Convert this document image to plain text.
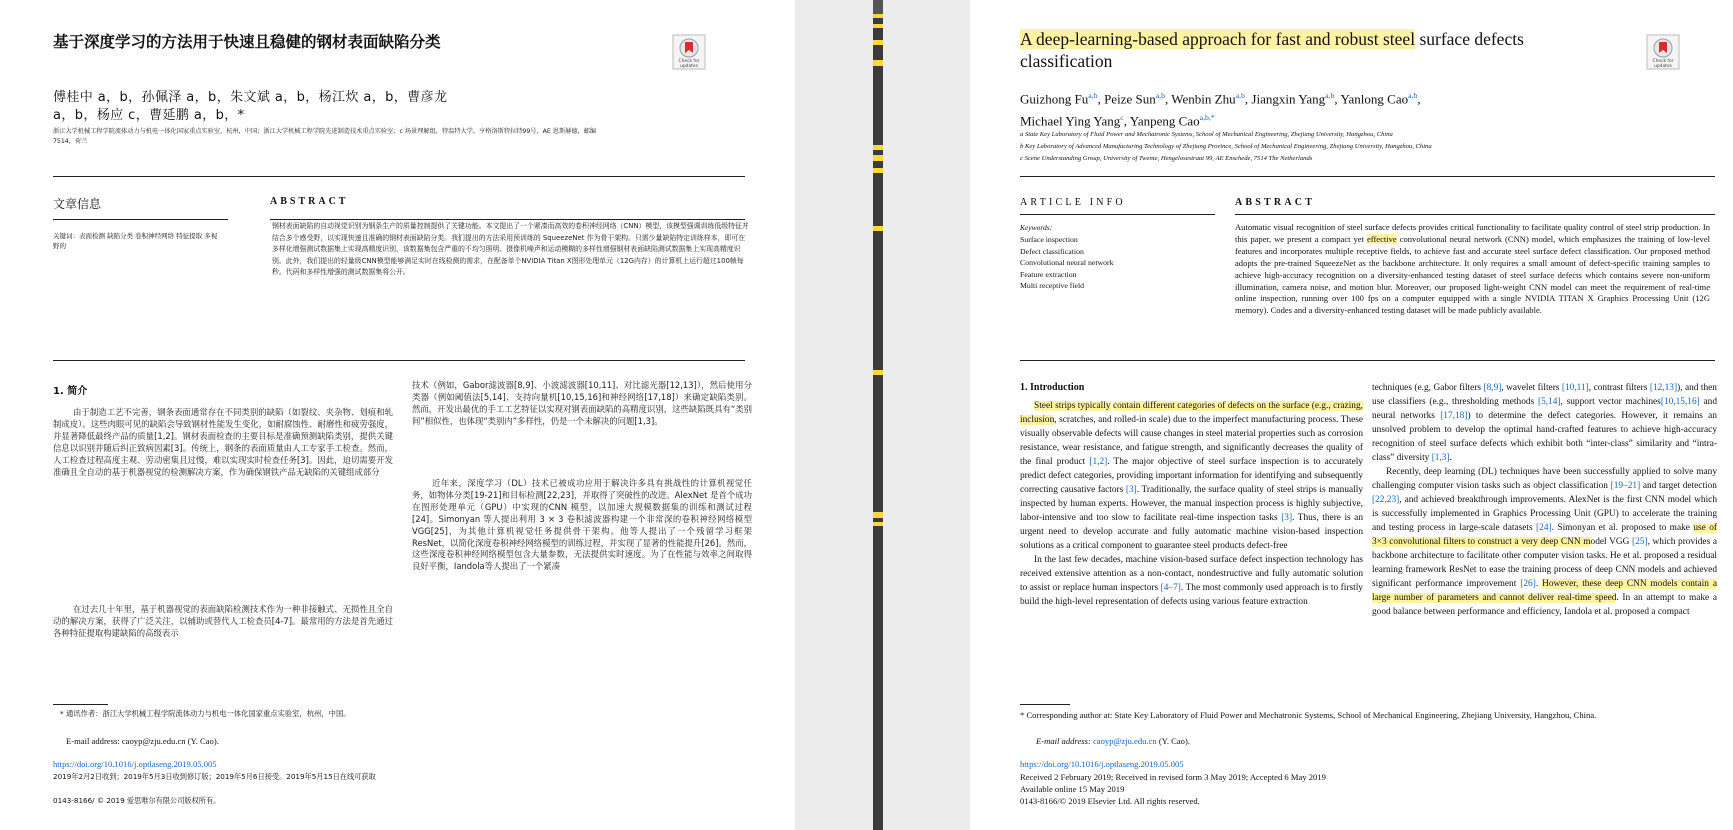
基于深度学习的方法用于快速且稳健的钢材表面缺陷分类
Check for
updates
傅桂中 a，b，孙佩泽 a，b，朱文斌 a，b，杨江炊 a，b，曹彦龙
a，b，杨应 c，曹延鹏 a，b，*
浙江大学机械工程学院流体动力与机电一体化国家重点实验室，杭州，中国；浙江大学机械工程学院先进制造技术重点实验室；c 场景理解组，特温特大学，亨格洛斯特拉特99号，AE 恩斯赫德，邮编7514，荷兰
文章信息	ABSTRACT
关键词：表面检测 缺陷分类 卷积神经网络 特征提取 多视野的
钢材表面缺陷的自动视觉识别为钢条生产的质量控制提供了关键功能。本文提出了一个紧凑而高效的卷积神经网络（CNN）模型，该模型强调训练低级特征并结合多个感受野，以实现快速且准确的钢材表面缺陷分类。我们提出的方法采用预训练的 SqueezeNet 作为骨干架构。只需少量缺陷特定训练样本，即可在多样化增强测试数据集上实现高精度识别，该数据集包含严重的不均匀照明、摄像机噪声和运动模糊的多样性增强钢材表面缺陷测试数据集上实现高精度识别。此外，我们提出的轻量级CNN模型能够满足实时在线检测的需求，在配备单个NVIDIA Titan X图形处理单元（12G内存）的计算机上运行超过100帧每秒。代码和多样性增强的测试数据集将公开。
1. 简介
由于制造工艺不完善，钢条表面通常存在不同类别的缺陷（如裂纹、夹杂物、划痕和轧制成皮）。这些肉眼可见的缺陷会导致钢材性能发生变化，如耐腐蚀性、耐磨性和疲劳强度，并显著降低最终产品的质量[1,2]。钢材表面检查的主要目标是准确预测缺陷类别，提供关键信息以识别并随后纠正致病因素[3]。传统上，钢条的表面质量由人工专家手工检查。然而，人工检查过程高度主观、劳动密集且过慢，难以实现实时检查任务[3]。因此，迫切需要开发准确且全自动的基于机器视觉的检测解决方案，作为确保钢铁产品无缺陷的关键组成部分
在过去几十年里，基于机器视觉的表面缺陷检测技术作为一种非接触式、无损性且全自动的解决方案，获得了广泛关注，以辅助或替代人工检查员[4-7]。最常用的方法是首先通过各种特征提取构建缺陷的高级表示
技术（例如，Gabor滤波器[8,9]、小波滤波器[10,11]、对比滤光器[12,13]），然后使用分类器（例如阈值法[5,14]、支持向量机[10,15,16]和神经网络[17,18]）来确定缺陷类别。然而，开发出最优的手工工艺特征以实现对钢表面缺陷的高精度识别，这些缺陷既具有“类别间”相似性，也体现“类别内”多样性，仍是一个未解决的问题[1,3]。
近年来，深度学习（DL）技术已被成功应用于解决许多具有挑战性的计算机视觉任务，如物体分类[19-21]和目标检测[22,23]，并取得了突破性的改进。AlexNet 是首个成功在图形处理单元（GPU）中实现的CNN 模型，以加速大规模数据集的训练和测试过程[24]。Simonyan 等人提出利用 3 × 3 卷积滤波器构建一个非常深的卷积神经网络模型 VGG[25]，为其他计算机视觉任务提供骨干架构。他等人提出了一个残留学习框架ResNet，以简化深度卷积神经网络模型的训练过程，并实现了显著的性能提升[26]。然而，这些深度卷积神经网络模型包含大量参数，无法提供实时速度。为了在性能与效率之间取得良好平衡，Iandola等人提出了一个紧凑
* 通讯作者：浙江大学机械工程学院流体动力与机电一体化国家重点实验室，杭州，中国。
E-mail address: caoyp@zju.edu.cn (Y. Cao).
https://doi.org/10.1016/j.optlaseng.2019.05.005
2019年2月2日收到；2019年5月3日收到修订版；2019年5月6日接受。2019年5月15日在线可获取
0143-8166/ © 2019 爱思唯尔有限公司版权所有。
A deep-learning-based approach for fast and robust steel surface defects classification	Check for
updates
Guizhong Fu$^{a,b}$, Peize Sun$^{a,b}$, Wenbin Zhu$^{a,b}$, Jiangxin Yang$^{a,b}$, Yanlong Cao$^{a,b}$,
Michael Ying Yang$^c$, Yanpeng Cao$^{a,b,*}$
a State Key Laboratory of Fluid Power and Mechatronic Systems, School of Mechanical Engineering, Zhejiang University, Hangzhou, China
b Key Laboratory of Advanced Manufacturing Technology of Zhejiang Province, School of Mechanical Engineering, Zhejiang University, Hangzhou, China
c Scene Understanding Group, University of Twente, Hengelosestraat 99, AE Enschede, 7514 The Netherlands
ARTICLE INFO	ABSTRACT
Keywords:
Surface inspection
Defect classification
Convolutional neural network
Feature extraction
Multi receptive field
Automatic visual recognition of steel surface defects provides critical functionality to facilitate quality control of steel strip production. In this paper, we present a compact yet effective convolutional neural network (CNN) model, which emphasizes the training of low-level features and incorporates multiple receptive fields, to achieve fast and accurate steel surface defect classification. Our proposed method adopts the pre-trained SqueezeNet as the backbone architecture. It only requires a small amount of defect-specific training samples to achieve high-accuracy recognition on a diversity-enhanced testing dataset of steel surface defects which contains severe non-uniform illumination, camera noise, and motion blur. Moreover, our proposed light-weight CNN model can meet the requirement of real-time online inspection, running over 100 fps on a computer equipped with a single NVIDIA TITAN X Graphics Processing Unit (12G memory). Codes and a diversity-enhanced testing dataset will be made publicly available.
1. Introduction

Steel strips typically contain different categories of defects on the surface (e.g., crazing, inclusion, scratches, and rolled-in scale) due to the imperfect manufacturing process. These visually observable defects will cause changes in steel material properties such as corrosion resistance, wear resistance, and fatigue strength, and significantly decreases the quality of the final product [1,2]. The major objective of steel surface inspection is to accurately predict defect categories, providing important information for identifying and subsequently correcting causative factors [3]. Traditionally, the surface quality of steel strips is manually inspected by human experts. However, the manual inspection process is highly subjective, labor-intensive and too slow to facilitate real-time inspection tasks [3]. Thus, there is an urgent need to develop accurate and fully automatic machine vision-based inspection solutions as a critical component to guarantee steel products defect-free

In the last few decades, machine vision-based surface defect inspection technology has received extensive attention as a non-contact, nondestructive and fully automatic solution to assist or replace human inspectors [4–7]. The most commonly used approach is to firstly build the high-level representation of defects using various feature extraction

techniques (e.g, Gabor filters [8,9], wavelet filters [10,11], contrast filters [12,13]), and then use classifiers (e.g., thresholding methods [5,14], support vector machines[10,15,16] and neural networks [17,18]) to determine the defect categories. However, it remains an unsolved problem to develop the optimal hand-crafted features to achieve high-accuracy recognition of steel surface defects which exhibit both “inter-class” similarity and “intra-class” diversity [1,3].

Recently, deep learning (DL) techniques have been successfully applied to solve many challenging computer vision tasks such as object classification [19–21] and target detection [22,23], and achieved breakthrough improvements. AlexNet is the first CNN model which is successfully implemented in Graphics Processing Unit (GPU) to accelerate the training and testing process in large-scale datasets [24]. Simonyan et al. proposed to make use of 3×3 convolutional filters to construct a very deep CNN model VGG [25], which provides a backbone architecture to facilitate other computer vision tasks. He et al. proposed a residual learning framework ResNet to ease the training process of deep CNN models and achieved significant performance improvement [26]. However, these deep CNN models contain a large number of parameters and cannot deliver real-time speed. In an attempt to make a good balance between performance and efficiency, Iandola et al. proposed a compact

* Corresponding author at: State Key Laboratory of Fluid Power and Mechatronic Systems, School of Mechanical Engineering, Zhejiang University, Hangzhou, China.
E-mail address: caoyp@zju.edu.cn (Y. Cao).
https://doi.org/10.1016/j.optlaseng.2019.05.005
Received 2 February 2019; Received in revised form 3 May 2019; Accepted 6 May 2019
Available online 15 May 2019
0143-8166/© 2019 Elsevier Ltd. All rights reserved.
